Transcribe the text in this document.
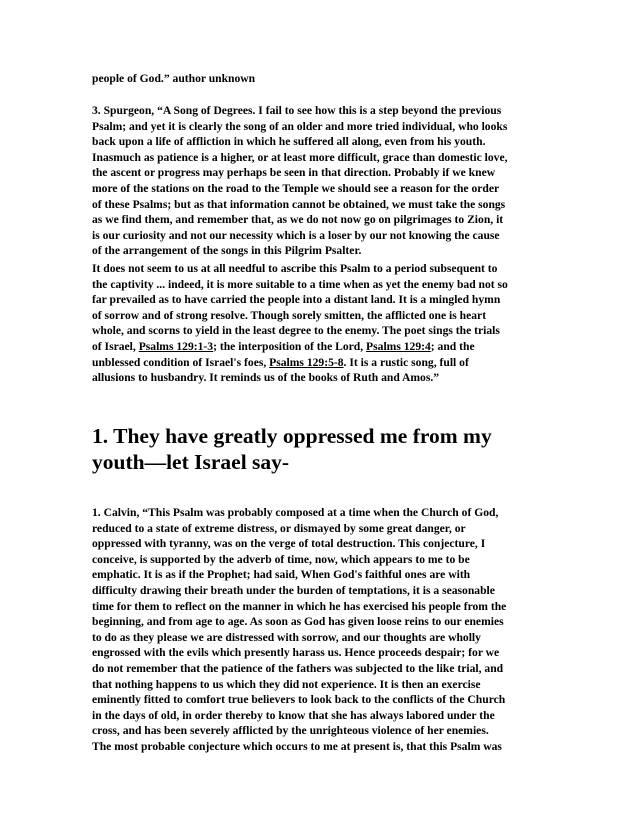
people of God.” author unknown

3. Spurgeon, “A Song of Degrees. I fail to see how this is a step beyond the previous
Psalm; and yet it is clearly the song of an older and more tried individual, who looks
back upon a life of affliction in which he suffered all along, even from his youth.
Inasmuch as patience is a higher, or at least more difficult, grace than domestic love,
the ascent or progress may perhaps be seen in that direction. Probably if we knew
more of the stations on the road to the Temple we should see a reason for the order
of these Psalms; but as that information cannot be obtained, we must take the songs
as we find them, and remember that, as we do not now go on pilgrimages to Zion, it
is our curiosity and not our necessity which is a loser by our not knowing the cause
of the arrangement of the songs in this Pilgrim Psalter.

It does not seem to us at all needful to ascribe this Psalm to a period subsequent to
the captivity ... indeed, it is more suitable to a time when as yet the enemy bad not so
far prevailed as to have carried the people into a distant land. It is a mingled hymn
of sorrow and of strong resolve. Though sorely smitten, the afflicted one is heart
whole, and scorns to yield in the least degree to the enemy. The poet sings the trials
of Israel, Psalms 129:1-3; the interposition of the Lord, Psalms 129:4; and the
unblessed condition of Israel's foes, Psalms 129:5-8. It is a rustic song, full of
allusions to husbandry. It reminds us of the books of Ruth and Amos.”

1. They have greatly oppressed me from my
youth—let Israel say-

1. Calvin, “This Psalm was probably composed at a time when the Church of God,
reduced to a state of extreme distress, or dismayed by some great danger, or
oppressed with tyranny, was on the verge of total destruction. This conjecture, I
conceive, is supported by the adverb of time, now, which appears to me to be
emphatic. It is as if the Prophet; had said, When God's faithful ones are with
difficulty drawing their breath under the burden of temptations, it is a seasonable
time for them to reflect on the manner in which he has exercised his people from the
beginning, and from age to age. As soon as God has given loose reins to our enemies
to do as they please we are distressed with sorrow, and our thoughts are wholly
engrossed with the evils which presently harass us. Hence proceeds despair; for we
do not remember that the patience of the fathers was subjected to the like trial, and
that nothing happens to us which they did not experience. It is then an exercise
eminently fitted to comfort true believers to look back to the conflicts of the Church
in the days of old, in order thereby to know that she has always labored under the
cross, and has been severely afflicted by the unrighteous violence of her enemies.
The most probable conjecture which occurs to me at present is, that this Psalm was
